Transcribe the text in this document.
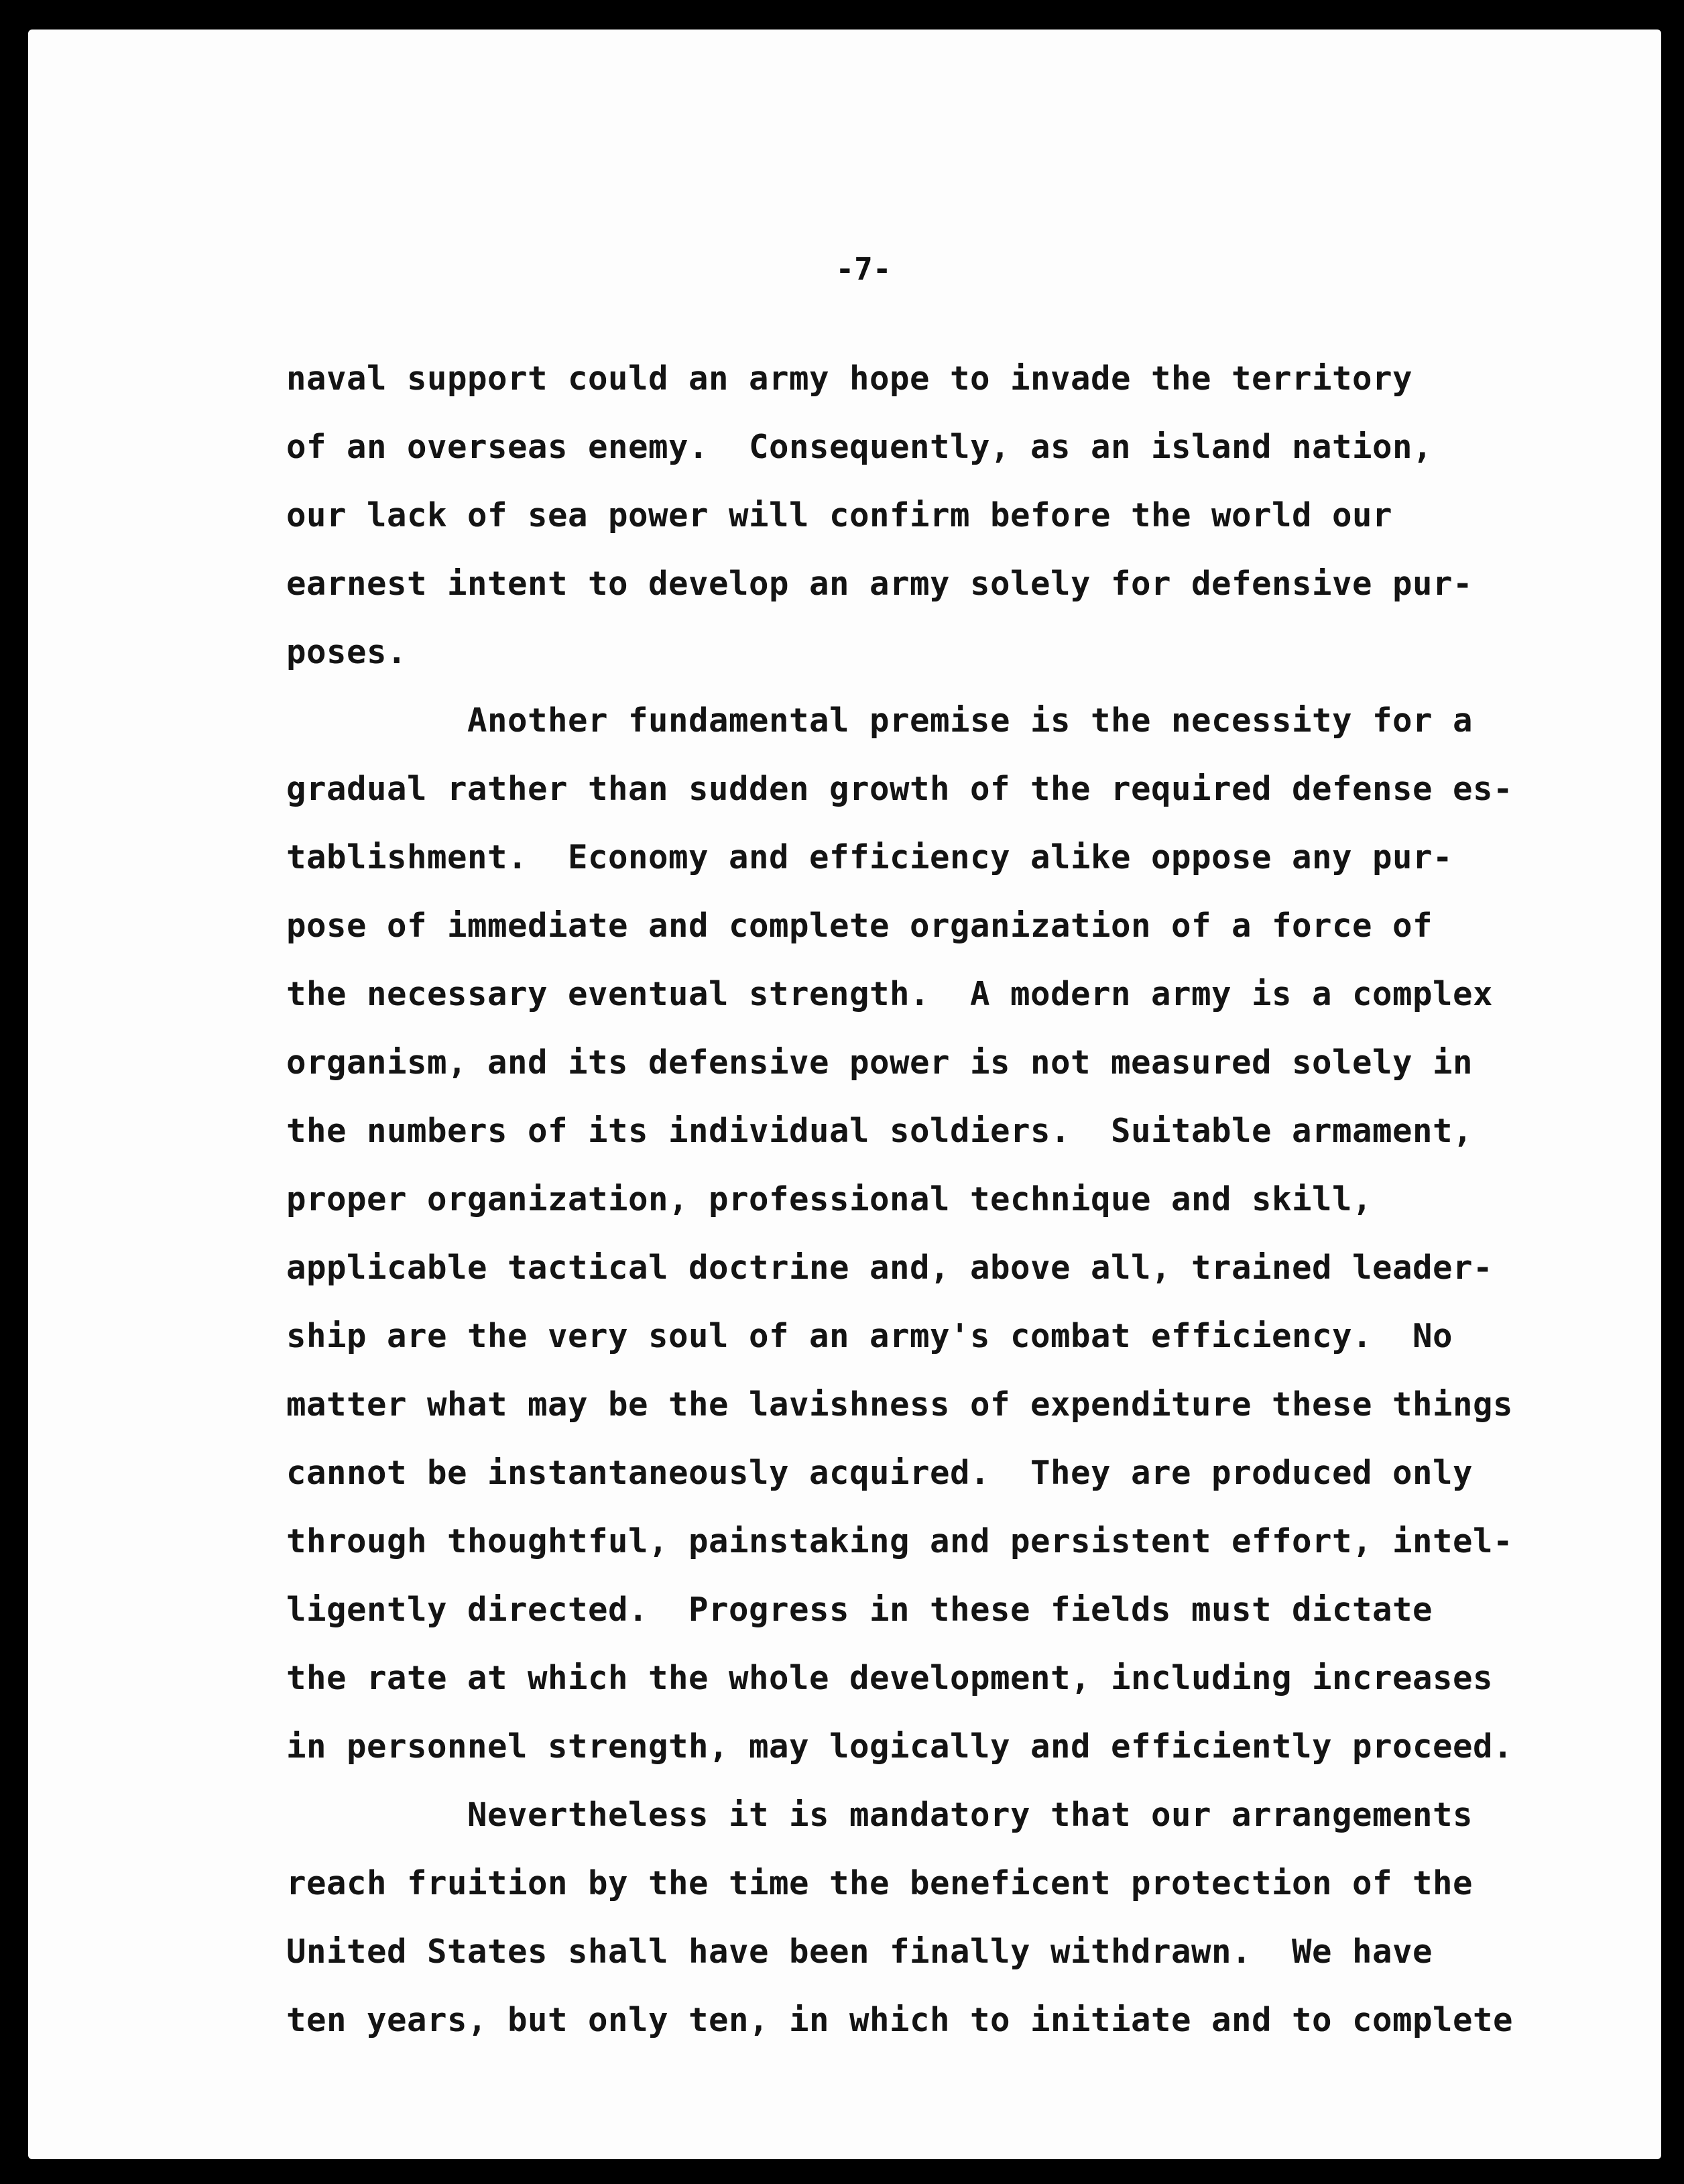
-7-
naval support could an army hope to invade the territory
of an overseas enemy.  Consequently, as an island nation,
our lack of sea power will confirm before the world our
earnest intent to develop an army solely for defensive pur-
poses.
Another fundamental premise is the necessity for a
gradual rather than sudden growth of the required defense es-
tablishment.  Economy and efficiency alike oppose any pur-
pose of immediate and complete organization of a force of
the necessary eventual strength.  A modern army is a complex
organism, and its defensive power is not measured solely in
the numbers of its individual soldiers.  Suitable armament,
proper organization, professional technique and skill,
applicable tactical doctrine and, above all, trained leader-
ship are the very soul of an army's combat efficiency.  No
matter what may be the lavishness of expenditure these things
cannot be instantaneously acquired.  They are produced only
through thoughtful, painstaking and persistent effort, intel-
ligently directed.  Progress in these fields must dictate
the rate at which the whole development, including increases
in personnel strength, may logically and efficiently proceed.
Nevertheless it is mandatory that our arrangements
reach fruition by the time the beneficent protection of the
United States shall have been finally withdrawn.  We have
ten years, but only ten, in which to initiate and to complete
